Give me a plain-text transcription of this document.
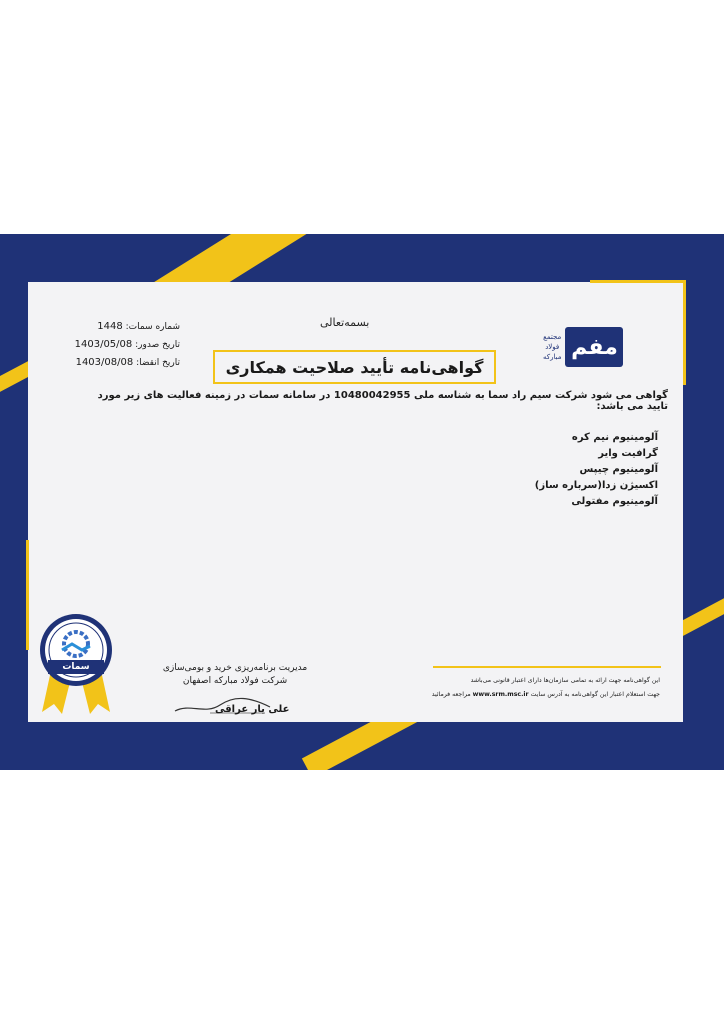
بسمه‌تعالی
شماره سمات: 1448
تاریخ صدور: 1403/05/08
تاریخ انقضا: 1403/08/08
مجتمع
فولاد
مبارکه مفم
گواهی‌نامه تأیید صلاحیت همکاری
گواهی می شود شرکت سیم راد سما به شناسه ملی 10480042955 در سامانه سمات در زمینه فعالیت های زیر مورد تایید می باشد:
آلومینیوم نیم کره
گرافیت وایر
آلومینیوم چیپس
اکسیژن زدا(سرباره ساز)
آلومینیوم مفتولی
مدیریت برنامه‌ریزی خرید و بومی‌سازی
شرکت فولاد مبارکه اصفهان
علی یار عراقی
این گواهی‌نامه جهت ارائه به تمامی سازمان‌ها دارای اعتبار قانونی می‌باشد
جهت استعلام اعتبار این گواهی‌نامه به آدرس سایت www.srm.msc.ir مراجعه فرمائید
سمات
